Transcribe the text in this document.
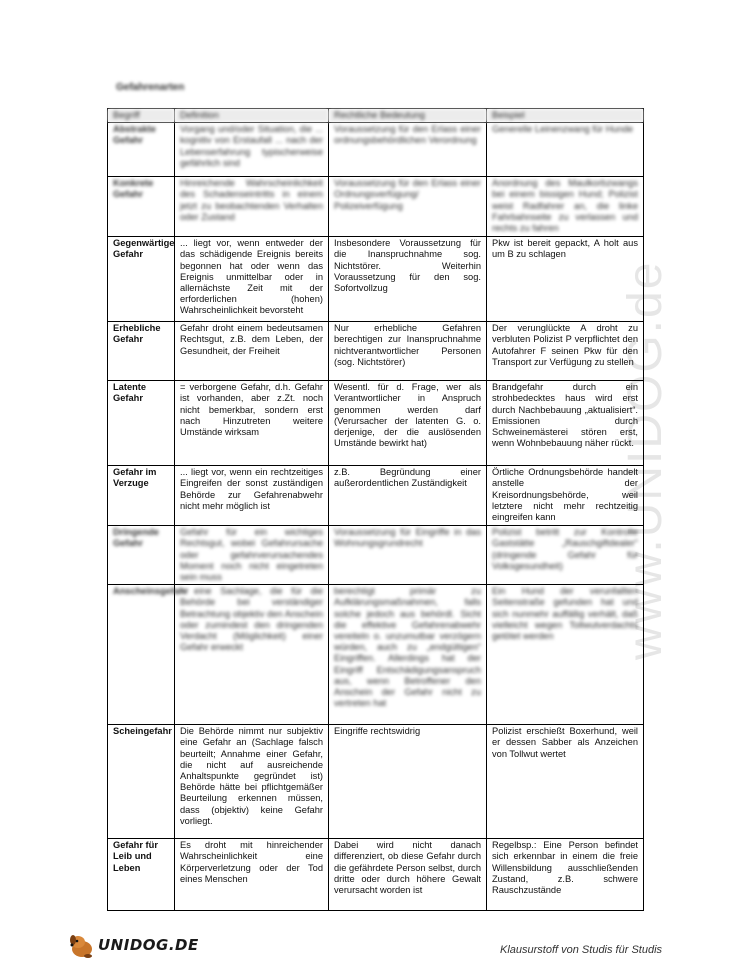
www.UNIDOG.de
Gefahrenarten
Begriff	Definition	Rechtliche Bedeutung	Beispiel
Abstrakte Gefahr	Vorgang und/oder Situation, die ... kognitiv von Erstaufall ... nach der Lebenserfahrung typischerweise gefährlich sind	Voraussetzung für den Erlass einer ordnungsbehördlichen Verordnung	Generelle Leinenzwang für Hunde
Konkrete Gefahr	Hinreichende Wahrscheinlichkeit des Schadenseintritts in einem jetzt zu beobachtenden Verhalten oder Zustand	Voraussetzung für den Erlass einer Ordnungsverfügung/ Polizeiverfügung	Anordnung des Maulkorbzwangs bei einem bissigen Hund; Polizist weist Radfahrer an, die linke Fahrbahnseite zu verlassen und rechts zu fahren
Gegenwärtige Gefahr	... liegt vor, wenn entweder der das schädigende Ereignis bereits begonnen hat oder wenn das Ereignis unmittelbar oder in allernächste Zeit mit der erforderlichen (hohen) Wahrscheinlichkeit bevorsteht	Insbesondere Voraussetzung für die Inanspruchnahme sog. Nichtstörer. Weiterhin Voraussetzung für den sog. Sofortvollzug	Pkw ist bereit gepackt, A holt aus um B zu schlagen
Erhebliche Gefahr	Gefahr droht einem bedeutsamen Rechtsgut, z.B. dem Leben, der Gesundheit, der Freiheit	Nur erhebliche Gefahren berechtigen zur Inanspruchnahme nichtverantwortlicher Personen (sog. Nichtstörer)	Der verunglückte A droht zu verbluten Polizist P verpflichtet den Autofahrer F seinen Pkw für den Transport zur Verfügung zu stellen
Latente Gefahr	= verborgene Gefahr, d.h. Gefahr ist vorhanden, aber z.Zt. noch nicht bemerkbar, sondern erst nach Hinzutreten weitere Umstände wirksam	Wesentl. für d. Frage, wer als Verantwortlicher in Anspruch genommen werden darf (Verursacher der latenten G. o. derjenige, der die auslösenden Umstände bewirkt hat)	Brandgefahr durch ein strohbedecktes haus wird erst durch Nachbebauung „aktualisiert“. Emissionen durch Schweinemästerei stören erst, wenn Wohnbebauung näher rückt.
Gefahr im Verzuge	... liegt vor, wenn ein rechtzeitiges Eingreifen der sonst zuständigen Behörde zur Gefahrenabwehr nicht mehr möglich ist	z.B. Begründung einer außerordentlichen Zuständigkeit	Örtliche Ordnungsbehörde handelt anstelle der Kreisordnungsbehörde, weil letztere nicht mehr rechtzeitig eingreifen kann
Dringende Gefahr	Gefahr für ein wichtiges Rechtsgut, wobei Gefahrursache oder gefahrverursachendes Moment noch nicht eingetreten sein muss	Voraussetzung für Eingriffe in das Wohnungsgrundrecht	Polizist betritt zur Kontrolle Gaststätte „Rauschgiftdealer“ (dringende Gefahr für Volksgesundheit)
Anscheinsgefahr	= eine Sachlage, die für die Behörde bei verständiger Betrachtung objektiv den Anschein oder zumindest den dringenden Verdacht (Möglichkeit) einer Gefahr erweckt	berechtigt primär zu Aufklärungsmaßnahmen, falls solche jedoch aus behördl. Sicht die effektive Gefahrenabwehr vereiteln o. unzumutbar verzögern würden, auch zu „endgültigen“ Eingriffen. Allerdings hat der Eingriff Entschädigungsanspruch aus, wenn Betroffener den Anschein der Gefahr nicht zu vertreten hat	Ein Hund der verunfallten Seitenstraße gefunden hat und sich nunmehr auffällig verhält, daß vielleicht wegen Tollwutverdachts getötet werden
Scheingefahr	Die Behörde nimmt nur subjektiv eine Gefahr an (Sachlage falsch beurteilt; Annahme einer Gefahr, die nicht auf ausreichende Anhaltspunkte gegründet ist) Behörde hätte bei pflichtgemäßer Beurteilung erkennen müssen, dass (objektiv) keine Gefahr vorliegt.	Eingriffe rechtswidrig	Polizist erschießt Boxerhund, weil er dessen Sabber als Anzeichen von Tollwut wertet
Gefahr für Leib und Leben	Es droht mit hinreichender Wahrscheinlichkeit eine Körperverletzung oder der Tod eines Menschen	Dabei wird nicht danach differenziert, ob diese Gefahr durch die gefährdete Person selbst, durch dritte oder durch höhere Gewalt verursacht worden ist	Regelbsp.: Eine Person befindet sich erkennbar in einem die freie Willensbildung ausschließenden Zustand, z.B. schwere Rauschzustände
UNIDOG.DE	Klausurstoff von Studis für Studis
